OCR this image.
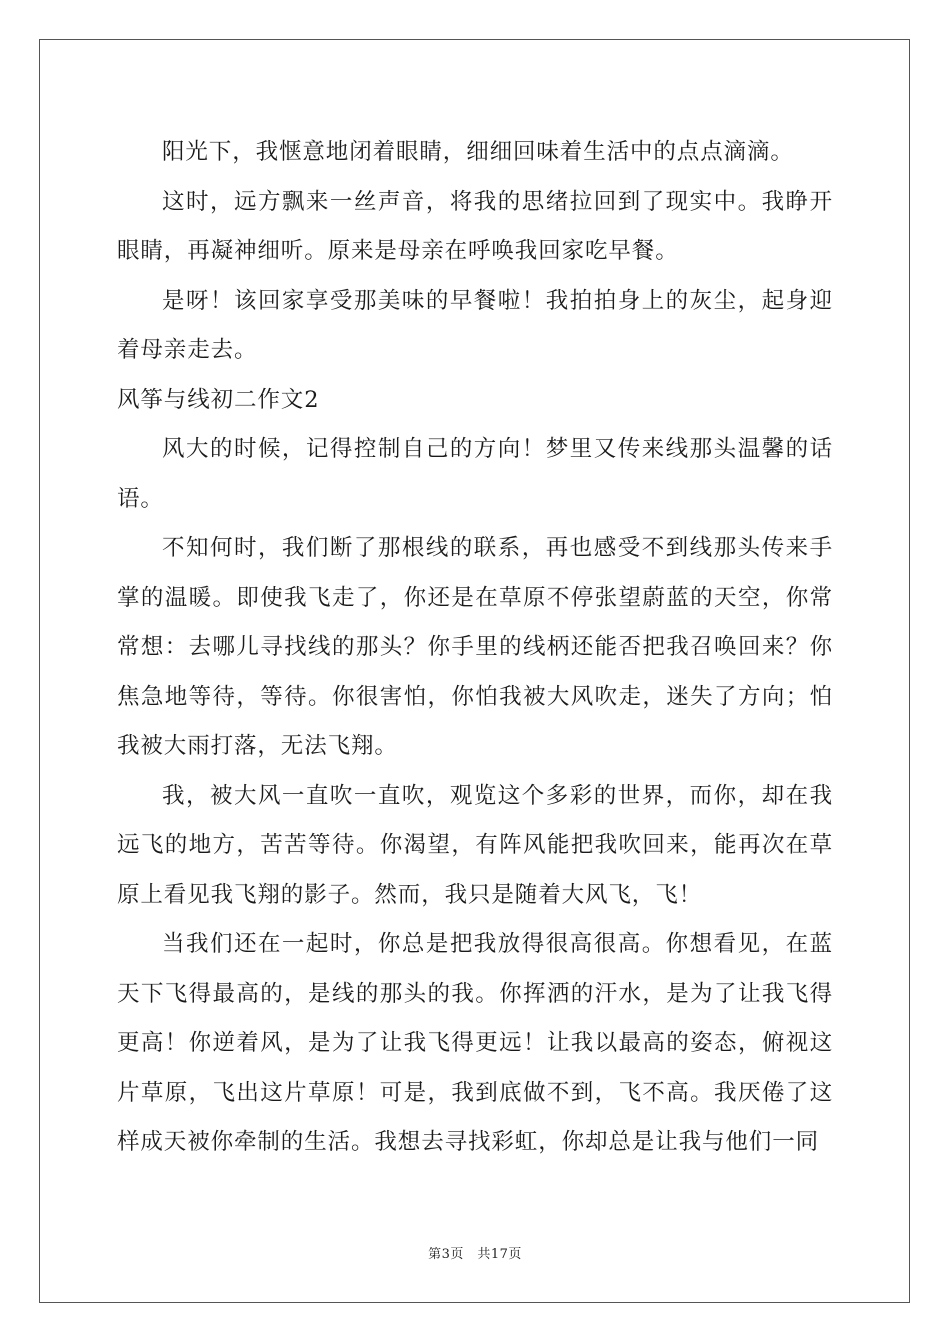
阳光下，我惬意地闭着眼睛，细细回味着生活中的点点滴滴。

这时，远方飘来一丝声音，将我的思绪拉回到了现实中。我睁开眼睛，再凝神细听。原来是母亲在呼唤我回家吃早餐。

是呀！该回家享受那美味的早餐啦！我拍拍身上的灰尘，起身迎着母亲走去。

风筝与线初二作文2

风大的时候，记得控制自己的方向！梦里又传来线那头温馨的话语。

不知何时，我们断了那根线的联系，再也感受不到线那头传来手掌的温暖。即使我飞走了，你还是在草原不停张望蔚蓝的天空，你常常想：去哪儿寻找线的那头？你手里的线柄还能否把我召唤回来？你焦急地等待，等待。你很害怕，你怕我被大风吹走，迷失了方向；怕我被大雨打落，无法飞翔。

我，被大风一直吹一直吹，观览这个多彩的世界，而你，却在我远飞的地方，苦苦等待。你渴望，有阵风能把我吹回来，能再次在草原上看见我飞翔的影子。然而，我只是随着大风飞，飞！

当我们还在一起时，你总是把我放得很高很高。你想看见，在蓝天下飞得最高的，是线的那头的我。你挥洒的汗水，是为了让我飞得更高！你逆着风，是为了让我飞得更远！让我以最高的姿态，俯视这片草原，飞出这片草原！可是，我到底做不到，飞不高。我厌倦了这样成天被你牵制的生活。我想去寻找彩虹，你却总是让我与他们一同

第3页　共17页
